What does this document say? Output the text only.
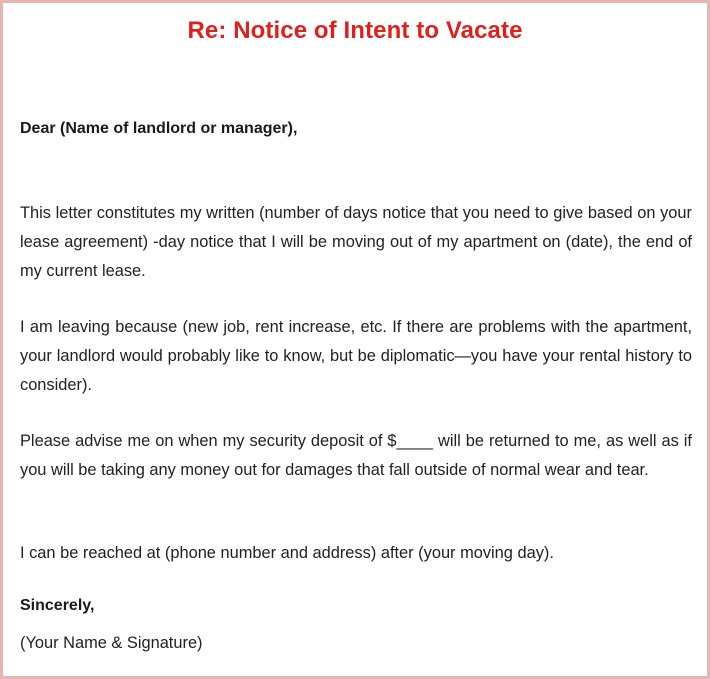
Re: Notice of Intent to Vacate

Dear (Name of landlord or manager),

This letter constitutes my written (number of days notice that you need to give based on your lease agreement) -day notice that I will be moving out of my apartment on (date), the end of my current lease.

I am leaving because (new job, rent increase, etc. If there are problems with the apartment, your landlord would probably like to know, but be diplomatic—you have your rental history to consider).

Please advise me on when my security deposit of $____ will be returned to me, as well as if you will be taking any money out for damages that fall outside of normal wear and tear.

I can be reached at (phone number and address) after (your moving day).

Sincerely,

(Your Name & Signature)
